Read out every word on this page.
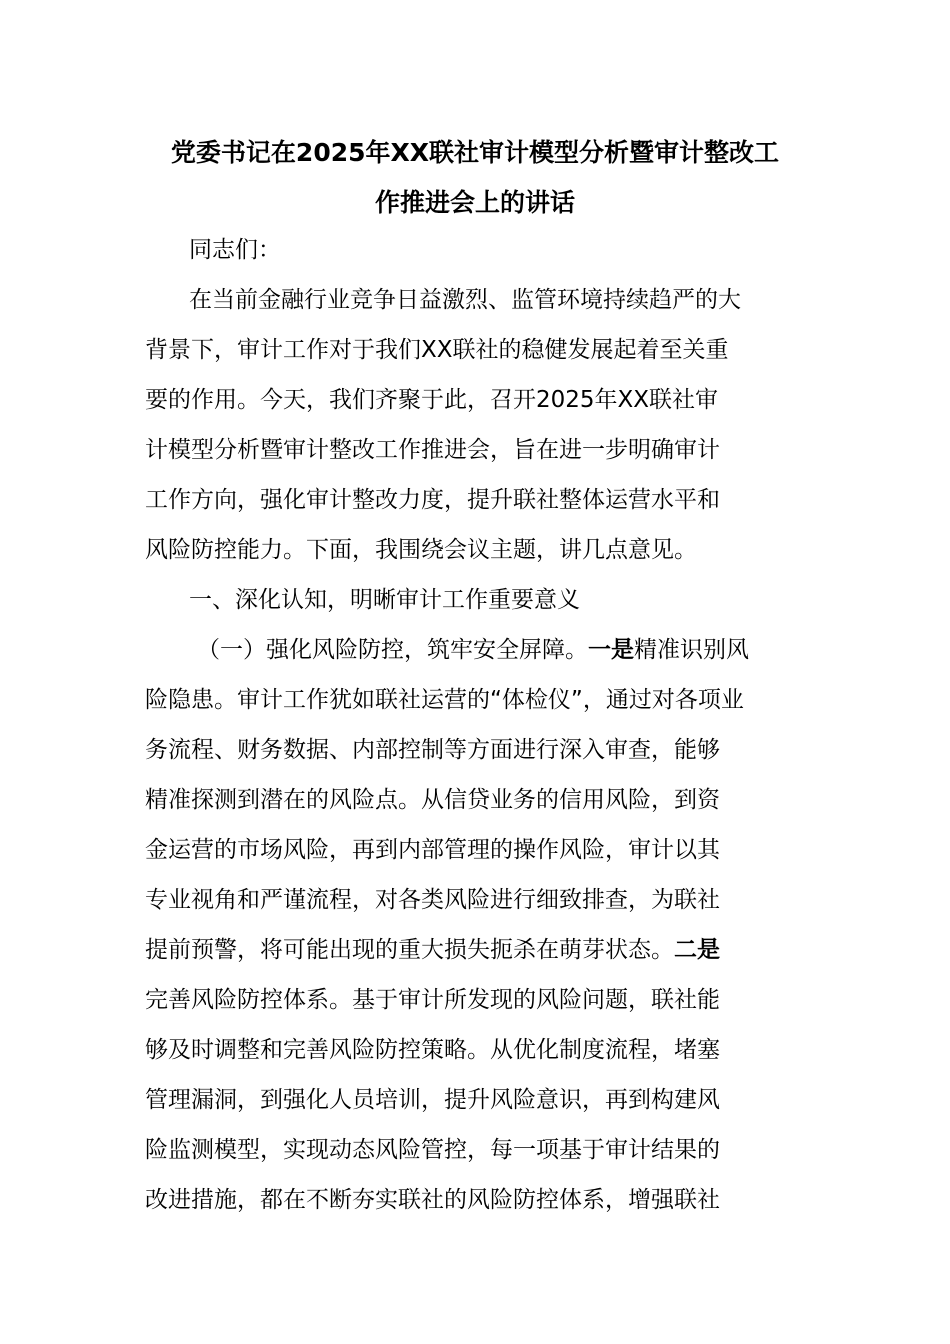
党委书记在2025年XX联社审计模型分析暨审计整改工
作推进会上的讲话
同志们：
在当前金融行业竞争日益激烈、监管环境持续趋严的大
背景下，审计工作对于我们XX联社的稳健发展起着至关重
要的作用。今天，我们齐聚于此，召开2025年XX联社审
计模型分析暨审计整改工作推进会，旨在进一步明确审计
工作方向，强化审计整改力度，提升联社整体运营水平和
风险防控能力。下面，我围绕会议主题，讲几点意见。
一、深化认知，明晰审计工作重要意义
（一）强化风险防控，筑牢安全屏障。一是精准识别风
险隐患。审计工作犹如联社运营的“体检仪”，通过对各项业
务流程、财务数据、内部控制等方面进行深入审查，能够
精准探测到潜在的风险点。从信贷业务的信用风险，到资
金运营的市场风险，再到内部管理的操作风险，审计以其
专业视角和严谨流程，对各类风险进行细致排查，为联社
提前预警，将可能出现的重大损失扼杀在萌芽状态。二是
完善风险防控体系。基于审计所发现的风险问题，联社能
够及时调整和完善风险防控策略。从优化制度流程，堵塞
管理漏洞，到强化人员培训，提升风险意识，再到构建风
险监测模型，实现动态风险管控，每一项基于审计结果的
改进措施，都在不断夯实联社的风险防控体系，增强联社
